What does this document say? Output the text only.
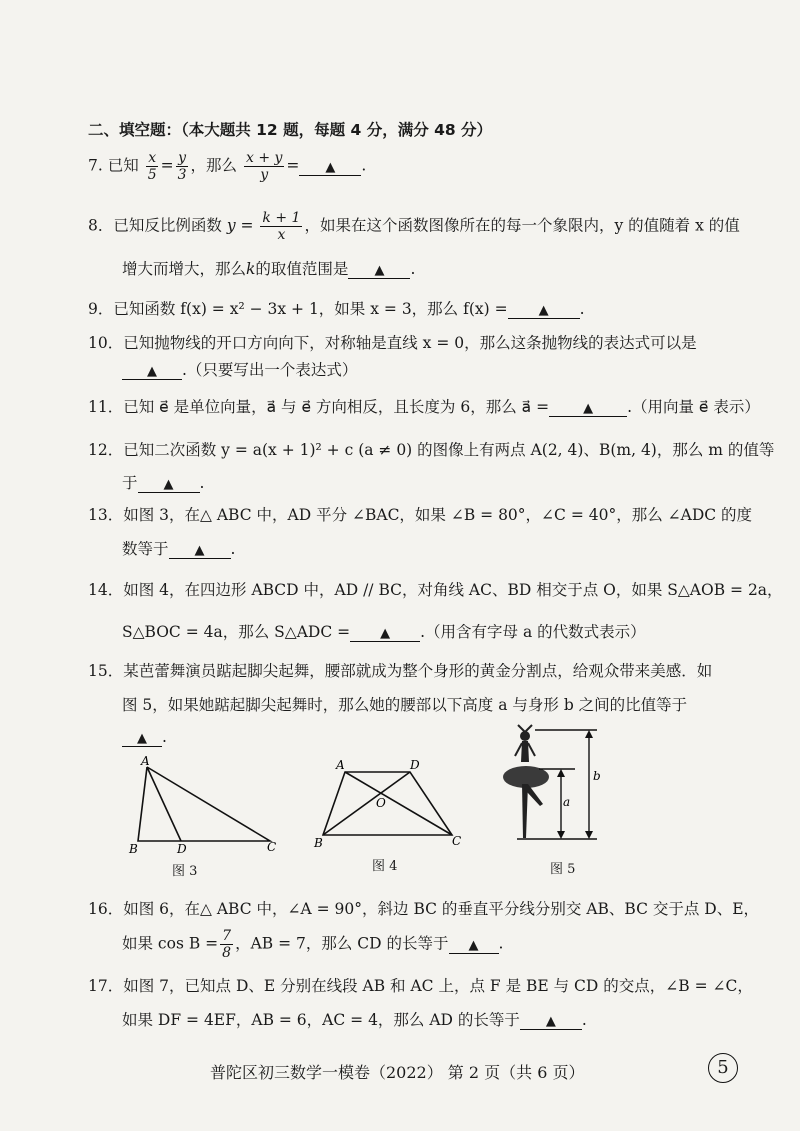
二、填空题：（本大题共 12 题，每题 4 分，满分 48 分）
7. 已知 $\frac{x}{5} = \frac{y}{3}$ ，那么 $\frac{x + y}{y}$ = ▲ .
8．已知反比例函数 $y = \frac{k + 1}{x}$ ，如果在这个函数图像所在的每一个象限内，y 的值随着 x 的值
增大而增大，那么k的取值范围是 ▲ .
9．已知函数 f(x) = x² − 3x + 1，如果 x = 3，那么 f(x) = ▲ .
10．已知抛物线的开口方向向下，对称轴是直线 x = 0，那么这条抛物线的表达式可以是
▲ .（只要写出一个表达式）
11．已知 e⃗ 是单位向量，a⃗ 与 e⃗ 方向相反，且长度为 6，那么 a⃗ =	▲ .（用向量 e⃗ 表示）
12．已知二次函数 y = a(x + 1)² + c (a ≠ 0) 的图像上有两点 A(2, 4)、B(m, 4)，那么 m 的值等
于 ▲ .
13．如图 3，在△ ABC 中，AD 平分 ∠BAC，如果 ∠B = 80°，∠C = 40°，那么 ∠ADC 的度
数等于 ▲ .
14．如图 4，在四边形 ABCD 中，AD // BC，对角线 AC、BD 相交于点 O，如果 S△AOB = 2a，
S△BOC = 4a，那么 S△ADC = ▲ .（用含有字母 a 的代数式表示）
15．某芭蕾舞演员踮起脚尖起舞，腰部就成为整个身形的黄金分割点，给观众带来美感．如
图 5，如果她踮起脚尖起舞时，那么她的腰部以下高度 a 与身形 b 之间的比值等于
▲ .
A
B	D	C
图 3
A	D
O
B	C
图 4
a
b
图 5
16．如图 6，在△ ABC 中，∠A = 90°，斜边 BC 的垂直平分线分别交 AB、BC 交于点 D、E，
如果 $\cos B = \frac{7}{8}$ ，AB = 7，那么 CD 的长等于 ▲ .
17．如图 7，已知点 D、E 分别在线段 AB 和 AC 上，点 F 是 BE 与 CD 的交点，∠B = ∠C，
如果 DF = 4EF，AB = 6，AC = 4，那么 AD 的长等于 ▲ .
普陀区初三数学一模卷（2022） 第 2 页（共 6 页）	5
